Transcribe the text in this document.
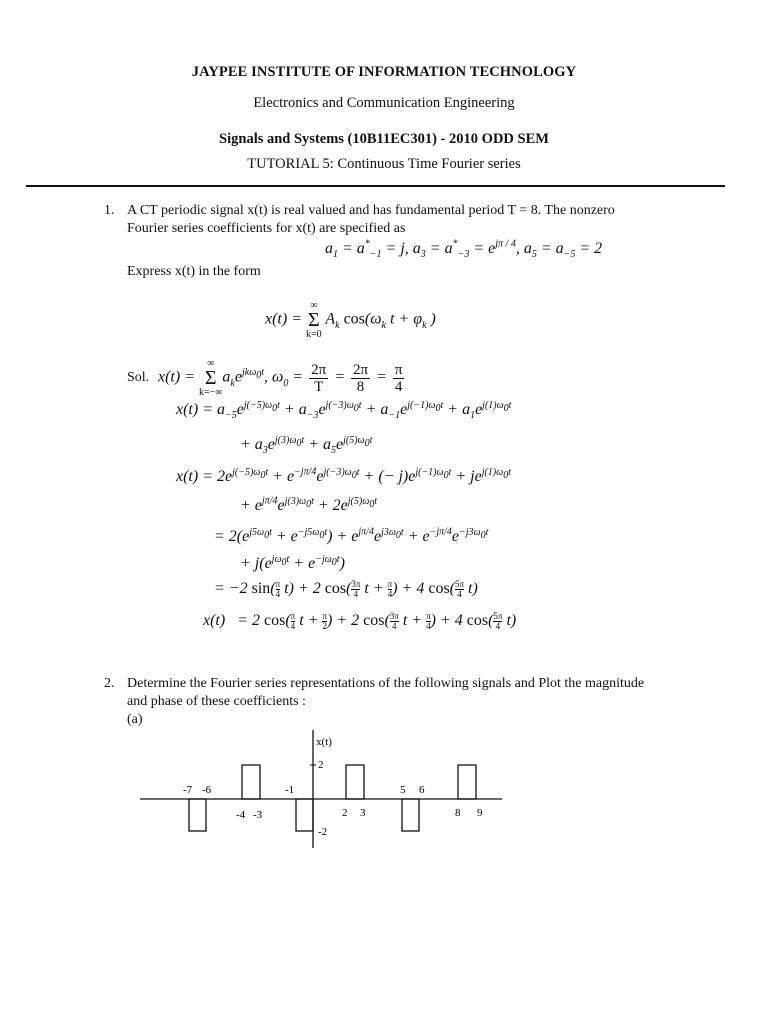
JAYPEE INSTITUTE OF INFORMATION TECHNOLOGY
Electronics and Communication Engineering
Signals and Systems (10B11EC301) - 2010 ODD SEM
TUTORIAL 5: Continuous Time Fourier series
1. A CT periodic signal x(t) is real valued and has fundamental period T = 8. The nonzero
Fourier series coefficients for x(t) are specified as
$a_1 = a^*_{-1} = j$, $a_3 = a^*_{-3} = e^{j\pi / 4}$, $a_5 = a_{-5} = 2$
Express x(t) in the form
x(t) =
∞
Σ
k=0
$A_k$ $\cos(\omega_k$ $t + \varphi_k$ )
Sol. x(t) =
∞
Σ
k=−∞
$a_ke^{jk\omega_0t}$, $\omega_0 = \frac{2\pi}{T} = \frac{2\pi}{8} = \frac{\pi}{4}$
$x(t) = a_{-5}e^{j(-5)\omega_0t} + a_{-3}e^{j(-3)\omega_0t} + a_{-1}e^{j(-1)\omega_0t} + a_1e^{j(1)\omega_0t}$
+ $a_3e^{j(3)\omega_0t} + a_5e^{j(5)\omega_0t}$
$x(t) = 2e^{j(-5)\omega_0t} + e^{-j\pi/4}e^{j(-3)\omega_0t}$ + (− $j)e^{j(-1)\omega_0t} + je^{j(1)\omega_0t}$
+ $e^{j\pi/4}e^{j(3)\omega_0t} + 2e^{j(5)\omega_0t}$
= $2(e^{j5\omega_0t} + e^{-j5\omega_0t}) + e^{j\pi/4}e^{j3\omega_0t} + e^{-j\pi/4}e^{-j3\omega_0t}$
+ $j(e^{j\omega_0t} + e^{-j\omega_0t})$
= −2 $\sin( \frac{\pi}{4} t) + 2$ $\cos( \frac{3\pi}{4}$ $t + \frac{\pi}{4}$ ) + 4 $\cos( \frac{5\pi}{4} t)$
x(t)   = 2 $\cos( \frac{\pi}{4}$ $t + \frac{\pi}{2}$ ) + 2 $\cos( \frac{3\pi}{4}$ $t + \frac{\pi}{4}$ ) + 4 $\cos( \frac{5\pi}{4} t)$
2. Determine the Fourier series representations of the following signals and Plot the magnitude
and phase of these coefficients :
(a)
x(t)
2
-2
-7 -6
-4 -3
-1
2 3
5 6
8 9
